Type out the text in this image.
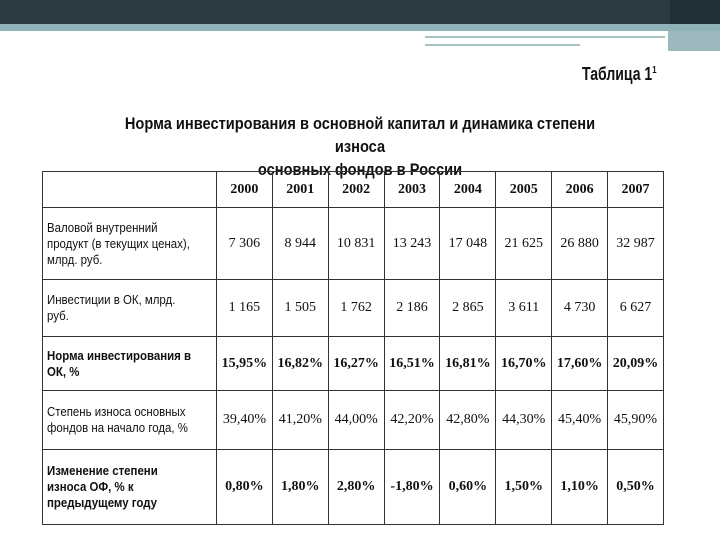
Таблица $1^1$
Норма инвестирования в основной капитал и динамика степени износа
основных фондов в России
	2000	2001	2002	2003	2004	2005	2006	2007
Валовой внутренний продукт (в текущих ценах), млрд. руб.	7 306	8 944	10 831	13 243	17 048	21 625	26 880	32 987
Инвестиции в ОК, млрд. руб.	1 165	1 505	1 762	2 186	2 865	3 611	4 730	6 627
Норма инвестирования в ОК, %	15,95%	16,82%	16,27%	16,51%	16,81%	16,70%	17,60%	20,09%
Степень износа основных фондов на начало года, %	39,40%	41,20%	44,00%	42,20%	42,80%	44,30%	45,40%	45,90%
Изменение степени износа ОФ, % к предыдущему году	0,80%	1,80%	2,80%	-1,80%	0,60%	1,50%	1,10%	0,50%
